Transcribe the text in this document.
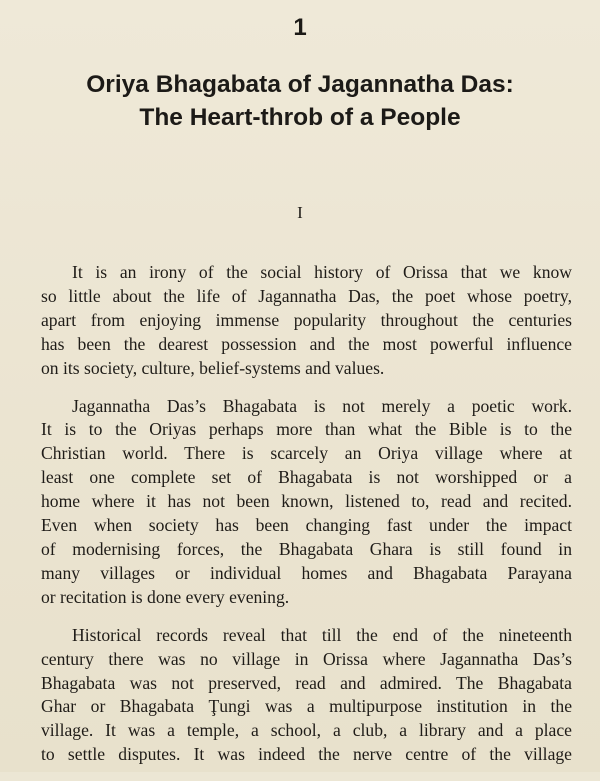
1
Oriya Bhagabata of Jagannatha Das:
The Heart-throb of a People
I

It is an irony of the social history of Orissa that we know
so little about the life of Jagannatha Das, the poet whose poetry,
apart from enjoying immense popularity throughout the centuries
has been the dearest possession and the most powerful influence
on its society, culture, belief-systems and values.

Jagannatha Das’s Bhagabata is not merely a poetic work.
It is to the Oriyas perhaps more than what the Bible is to the
Christian world. There is scarcely an Oriya village where at
least one complete set of Bhagabata is not worshipped or a
home where it has not been known, listened to, read and recited.
Even when society has been changing fast under the impact
of modernising forces, the Bhagabata Ghara is still found in
many villages or individual homes and Bhagabata Parayana
or recitation is done every evening.

Historical records reveal that till the end of the nineteenth
century there was no village in Orissa where Jagannatha Das’s
Bhagabata was not preserved, read and admired. The Bhagabata
Ghar or Bhagabata Ţungi was a multipurpose institution in the
village. It was a temple, a school, a club, a library and a place
to settle disputes. It was indeed the nerve centre of the village
